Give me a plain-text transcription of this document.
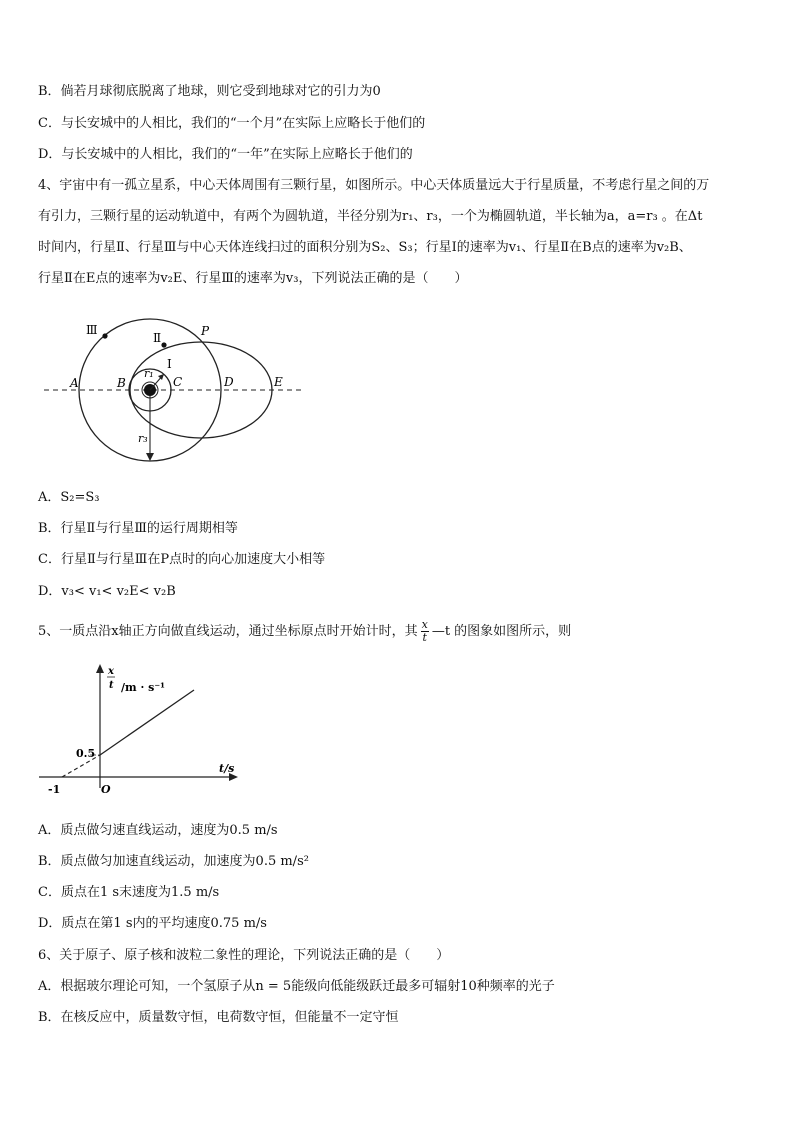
B．倘若月球彻底脱离了地球，则它受到地球对它的引力为0
C．与长安城中的人相比，我们的“一个月”在实际上应略长于他们的
D．与长安城中的人相比，我们的“一年”在实际上应略长于他们的
4、宇宙中有一孤立星系，中心天体周围有三颗行星，如图所示。中心天体质量远大于行星质量，不考虑行星之间的万
有引力，三颗行星的运动轨道中，有两个为圆轨道，半径分别为r₁、r₃，一个为椭圆轨道，半长轴为a，a=r₃ 。在Δt
时间内，行星Ⅱ、行星Ⅲ与中心天体连线扫过的面积分别为S₂、S₃；行星Ⅰ的速率为v₁、行星Ⅱ在B点的速率为v₂B、
行星Ⅱ在E点的速率为v₂E、行星Ⅲ的速率为v₃，下列说法正确的是（　　）
Ⅲ
Ⅱ
I
P
A	B	C	D	E
r₁
r₃
A．S₂=S₃
B．行星Ⅱ与行星Ⅲ的运行周期相等
C．行星Ⅱ与行星Ⅲ在P点时的向心加速度大小相等
D．v₃< v₁< v₂E< v₂B
5、一质点沿x轴正方向做直线运动，通过坐标原点时开始计时，其 $\frac{x}{t}$ —t 的图象如图所示，则
x
t /m · s⁻¹
t/s
0.5
-1	O
A．质点做匀速直线运动，速度为0.5 m/s
B．质点做匀加速直线运动，加速度为0.5 m/s²
C．质点在1 s末速度为1.5 m/s
D．质点在第1 s内的平均速度0.75 m/s
6、关于原子、原子核和波粒二象性的理论，下列说法正确的是（　　）
A．根据玻尔理论可知，一个氢原子从n = 5能级向低能级跃迁最多可辐射10种频率的光子
B．在核反应中，质量数守恒，电荷数守恒，但能量不一定守恒
